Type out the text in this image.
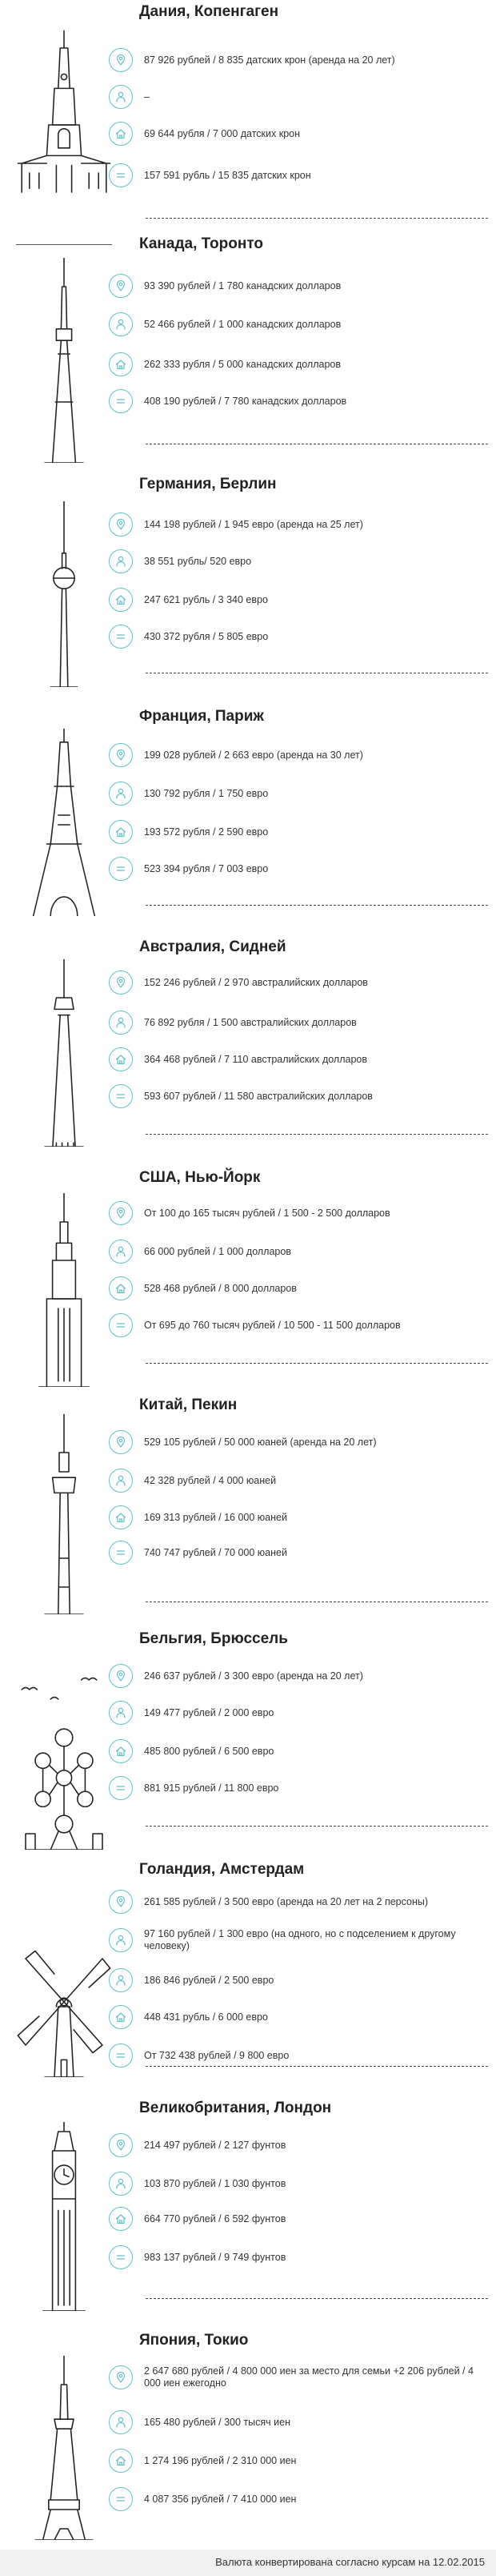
Дания, Копенгаген
87 926 рублей / 8 835 датских крон (аренда на 20 лет)
–
69 644 рубля / 7 000 датских крон
157 591 рубль / 15 835 датских крон
Канада, Торонто
93 390 рублей / 1 780 канадских долларов
52 466 рублей / 1 000 канадских долларов
262 333 рубля / 5 000 канадских долларов
408 190 рублей / 7 780 канадских долларов
Германия, Берлин
144 198 рублей / 1 945 евро (аренда на 25 лет)
38 551 рубль/ 520 евро
247 621 рубль / 3 340 евро
430 372 рубля / 5 805 евро
Франция, Париж
199 028 рублей / 2 663 евро (аренда на 30 лет)
130 792 рубля / 1 750 евро
193 572 рубля / 2 590 евро
523 394 рубля / 7 003 евро
Австралия, Сидней
152 246 рублей / 2 970 австралийских долларов
76 892 рубля / 1 500 австралийских долларов
364 468 рублей / 7 110 австралийских долларов
593 607 рублей / 11 580 австралийских долларов
США, Нью-Йорк
От 100 до 165 тысяч рублей / 1 500 - 2 500 долларов
66 000 рублей / 1 000 долларов
528 468 рублей / 8 000 долларов
От 695 до 760 тысяч рублей / 10 500 - 11 500 долларов
Китай, Пекин
529 105 рублей / 50 000 юаней (аренда на 20 лет)
42 328 рублей / 4 000 юаней
169 313 рублей / 16 000 юаней
740 747 рублей / 70 000 юаней
Бельгия, Брюссель
246 637 рублей / 3 300 евро (аренда на 20 лет)
149 477 рублей / 2 000 евро
485 800 рублей / 6 500 евро
881 915 рублей / 11 800 евро
Голандия, Амстердам
261 585 рублей / 3 500 евро (аренда на 20 лет на 2 персоны)
97 160 рублей / 1 300 евро (на одного, но с подселением к другому человеку)
186 846 рублей / 2 500 евро
448 431 рубль / 6 000 евро
От 732 438 рублей / 9 800 евро
Великобритания, Лондон
214 497 рублей / 2 127 фунтов
103 870 рублей / 1 030 фунтов
664 770 рублей / 6 592 фунтов
983 137 рублей / 9 749 фунтов
Япония, Токио
2 647 680 рублей / 4 800 000 иен за место для семьи +2 206 рублей / 4 000 иен ежегодно
165 480 рублей / 300 тысяч иен
1 274 196 рублей / 2 310 000 иен
4 087 356 рублей / 7 410 000 иен
Валюта конвертирована согласно курсам на 12.02.2015
